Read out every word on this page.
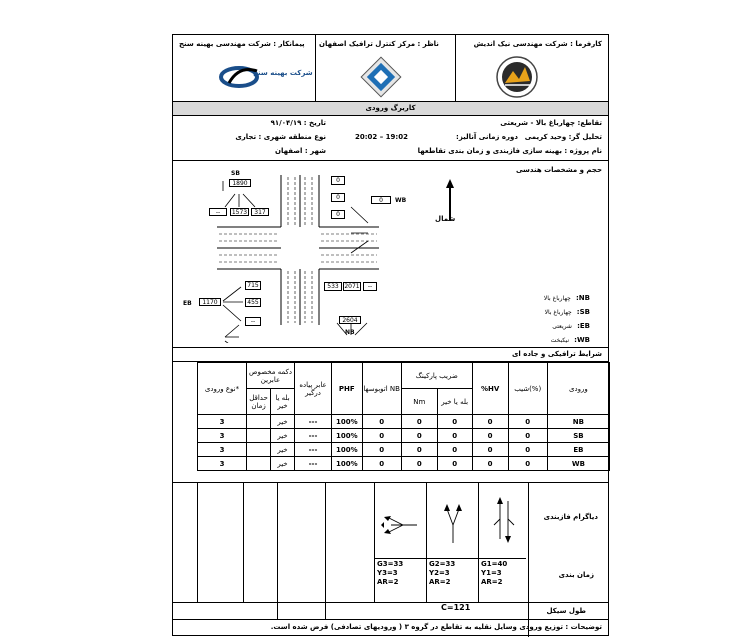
کارفرما : شرکت مهندسی نیک اندیش
ناظر : مرکز کنترل ترافیک اصفهان
پیمانکار : شرکت مهندسی بهینه سنج
شرکت بهینه سنج
کاربرگ ورودی
تقاطع: چهارباغ بالا - شریعتی
تاریخ : ۹۱/۰۴/۱۹
تحلیل گر: وحید کریمی
دوره زمانی آنالیز:
20:02 – 19:02
نوع منطقه شهری : تجاری
نام پروژه : بهینه سازی فازبندی و زمان بندی تقاطعها
شهر : اصفهان
حجم و مشخصات هندسی
شمال
SB
1890
--	1573	317
0
0
0
0	WB
715
455
--
1170
EB
533 2071	--
2604
NB
NB: چهارباغ بالا
SB: چهارباغ بالا
EB: شریعتی
WB: نیکبخت
شرایط ترافیکی و جاده ای
نوع ورودی*	دکمه مخصوص عابرین		عابر پیاده درگیر	PHF	اتوبوسها NB	ضریب پارکینگ		%HV	شیب(%)	ورودی
	حداقل زمان	بله یا خیر				Nm	بله یا خیر			
3		خیر	---	100%	0	0	0	0	0	NB
3		خیر	---	100%	0	0	0	0	0	SB
3		خیر	---	100%	0	0	0	0	0	EB
3		خیر	---	100%	0	0	0	0	0	WB
دیاگرام فازبندی
زمان بندی
طول سیکل
C=121
G1=40
Y1=3
AR=2
G2=33
Y2=3
AR=2
G3=33
Y3=3
AR=2
توضیحات : توزیع ورودی وسایل نقلیه به تقاطع در گروه ۳ ( ورودیهای تصادفی) فرض شده است.
